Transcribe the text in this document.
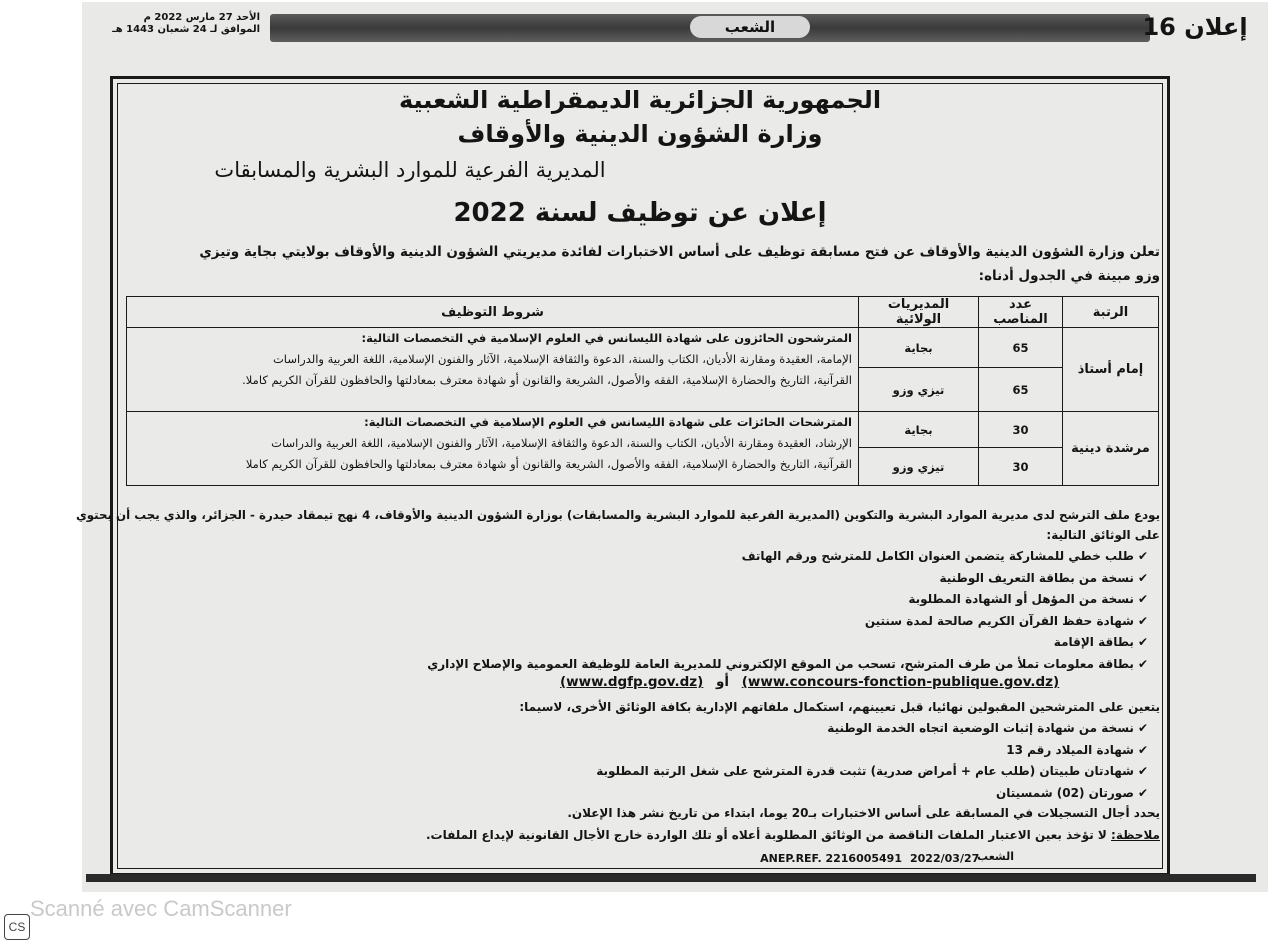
الأحد 27 مارس 2022 م
الموافق لـ 24 شعبان 1443 هـ	الشعب	إعلان 16
الجمهورية الجزائرية الديمقراطية الشعبية
وزارة الشؤون الدينية والأوقاف
المديرية الفرعية للموارد البشرية والمسابقات
إعلان عن توظيف لسنة 2022
تعلن وزارة الشؤون الدينية والأوقاف عن فتح مسابقة توظيف على أساس الاختبارات لفائدة مديريتي الشؤون الدينية والأوقاف بولايتي بجاية وتيزي
وزو مبينة في الجدول أدناه:
الرتبة	عدد المناصب	المديريات الولائية	شروط التوظيف
إمام أستاذ	65	بجاية	المترشحون الحائزون على شهادة الليسانس في العلوم الإسلامية في التخصصات التالية:
الإمامة، العقيدة ومقارنة الأديان، الكتاب والسنة، الدعوة والثقافة الإسلامية، الآثار والفنون الإسلامية، اللغة العربية والدراسات
القرآنية، التاريخ والحضارة الإسلامية، الفقه والأصول، الشريعة والقانون أو شهادة معترف بمعادلتها والحافظون للقرآن الكريم كاملا.

	65	تيزي وزو	
مرشدة دينية	30	بجاية	المترشحات الحائزات على شهادة الليسانس في العلوم الإسلامية في التخصصات التالية:
الإرشاد، العقيدة ومقارنة الأديان، الكتاب والسنة، الدعوة والثقافة الإسلامية، الآثار والفنون الإسلامية، اللغة العربية والدراسات
القرآنية، التاريخ والحضارة الإسلامية، الفقه والأصول، الشريعة والقانون أو شهادة معترف بمعادلتها والحافظون للقرآن الكريم كاملا

	30	تيزي وزو	
يودع ملف الترشح لدى مديرية الموارد البشرية والتكوين (المديرية الفرعية للموارد البشرية والمسابقات) بوزارة الشؤون الدينية والأوقاف، 4 نهج تيمقاد حيدرة - الجزائر، والذي يجب أن يحتوي
على الوثائق التالية:
✔طلب خطي للمشاركة يتضمن العنوان الكامل للمترشح ورقم الهاتف
✔نسخة من بطاقة التعريف الوطنية
✔نسخة من المؤهل أو الشهادة المطلوبة
✔شهادة حفظ القرآن الكريم صالحة لمدة سنتين
✔بطاقة الإقامة
✔بطاقة معلومات تملأ من طرف المترشح، تسحب من الموقع الإلكتروني للمديرية العامة للوظيفة العمومية والإصلاح الإداري
(www.dgfp.gov.dz) أو (www.concours-fonction-publique.gov.dz)
يتعين على المترشحين المقبولين نهائيا، قبل تعيينهم، استكمال ملفاتهم الإدارية بكافة الوثائق الأخرى، لاسيما:
✔نسخة من شهادة إثبات الوضعية اتجاه الخدمة الوطنية
✔شهادة الميلاد رقم 13
✔شهادتان طبيتان (طلب عام + أمراض صدرية) تثبت قدرة المترشح على شغل الرتبة المطلوبة
✔صورتان (02) شمسيتان
يحدد أجال التسجيلات في المسابقة على أساس الاختبارات بـ20 يوما، ابتداء من تاريخ نشر هذا الإعلان.
ملاحظة: لا تؤخذ بعين الاعتبار الملفات الناقصة من الوثائق المطلوبة أعلاه أو تلك الواردة خارج الأجال القانونية لإيداع الملفات.
الشعب
2022/03/27
ANEP.REF. 2216005491
Scanné avec CamScanner
CS
